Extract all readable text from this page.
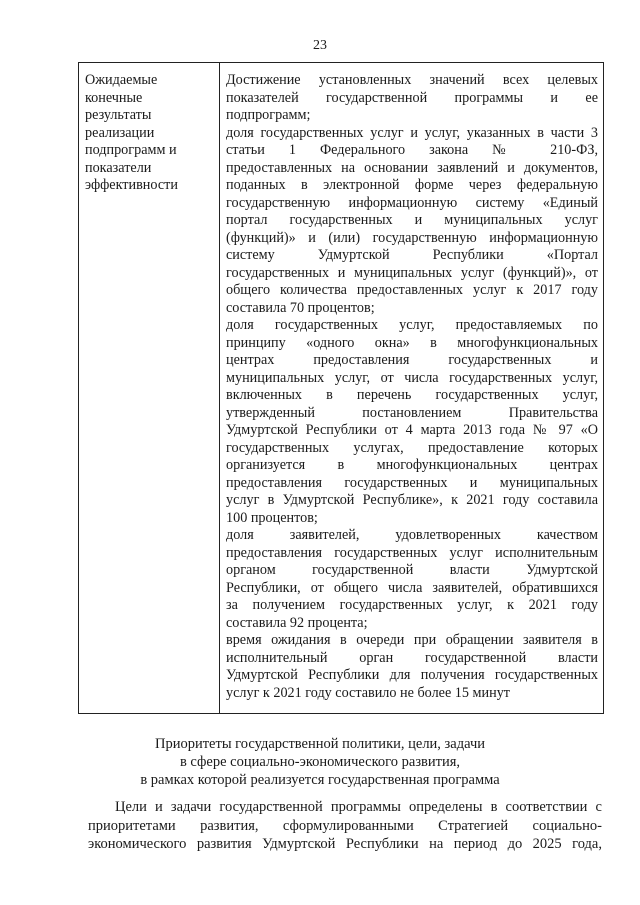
23
Ожидаемые
конечные
результаты
реализации
подпрограмм и
показатели
эффективности
Достижение установленных значений всех целевых
показателей государственной программы и ее
подпрограмм;
доля государственных услуг и услуг, указанных в части 3
статьи 1 Федерального закона № 210-ФЗ,
предоставленных на основании заявлений и документов,
поданных в электронной форме через федеральную
государственную информационную систему «Единый
портал государственных и муниципальных услуг
(функций)» и (или) государственную информационную
систему Удмуртской Республики «Портал
государственных и муниципальных услуг (функций)», от
общего количества предоставленных услуг к 2017 году
составила 70 процентов;
доля государственных услуг, предоставляемых по
принципу «одного окна» в многофункциональных
центрах предоставления государственных и
муниципальных услуг, от числа государственных услуг,
включенных в перечень государственных услуг,
утвержденный постановлением Правительства
Удмуртской Республики от 4 марта 2013 года № 97 «О
государственных услугах, предоставление которых
организуется в многофункциональных центрах
предоставления государственных и муниципальных
услуг в Удмуртской Республике», к 2021 году составила
100 процентов;
доля заявителей, удовлетворенных качеством
предоставления государственных услуг исполнительным
органом государственной власти Удмуртской
Республики, от общего числа заявителей, обратившихся
за получением государственных услуг, к 2021 году
составила 92 процента;
время ожидания в очереди при обращении заявителя в
исполнительный орган государственной власти
Удмуртской Республики для получения государственных
услуг к 2021 году составило не более 15 минут
Приоритеты государственной политики, цели, задачи
в сфере социально-экономического развития,
в рамках которой реализуется государственная программа
Цели и задачи государственной программы определены в соответствии с
приоритетами развития, сформулированными Стратегией социально-
экономического развития Удмуртской Республики на период до 2025 года,
